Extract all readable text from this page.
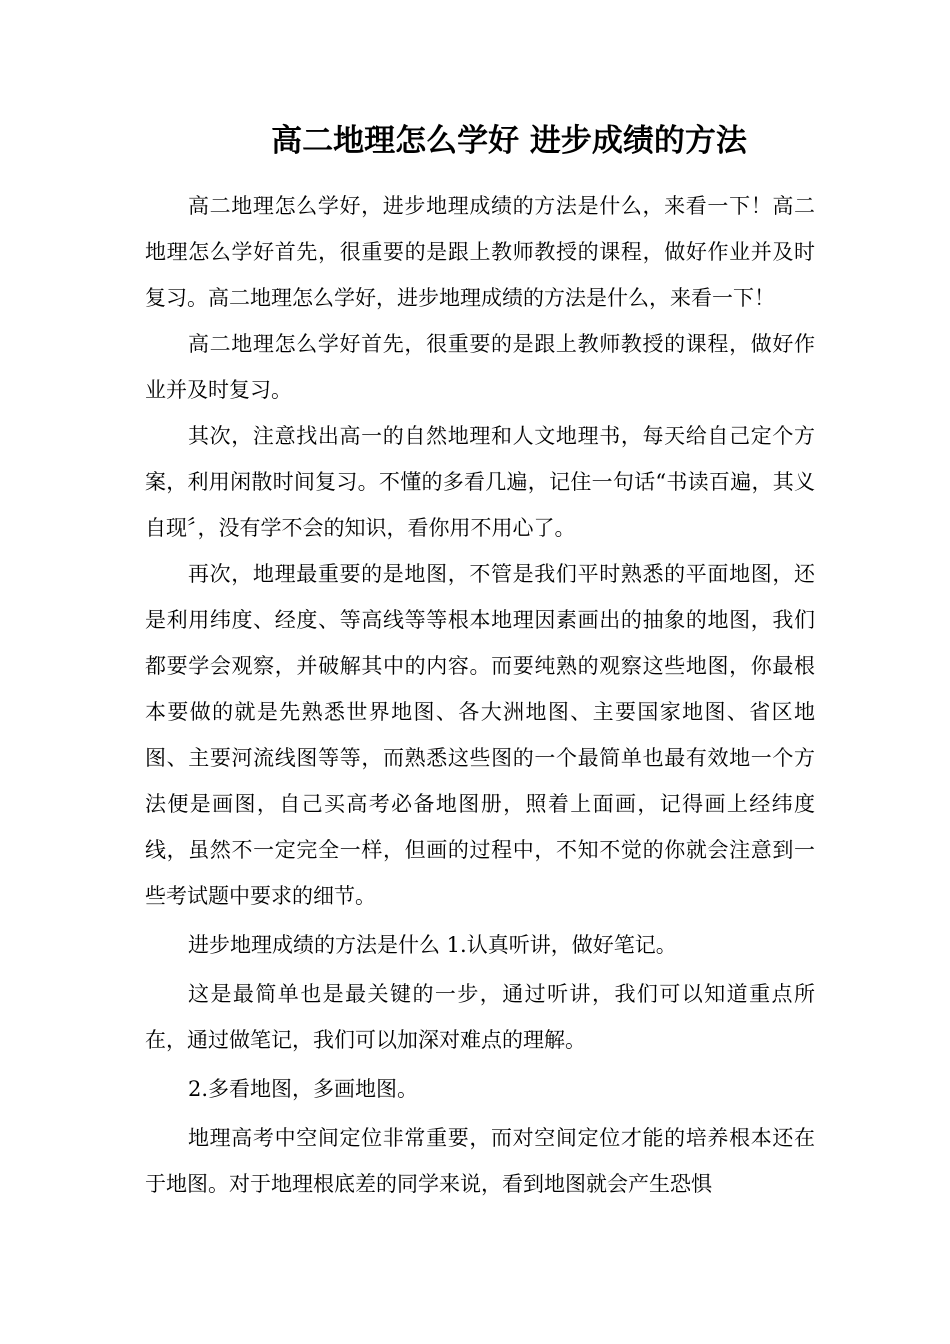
高二地理怎么学好 进步成绩的方法

高二地理怎么学好，进步地理成绩的方法是什么，来看一下！高二地理怎么学好首先，很重要的是跟上教师教授的课程，做好作业并及时复习。高二地理怎么学好，进步地理成绩的方法是什么，来看一下！

高二地理怎么学好首先，很重要的是跟上教师教授的课程，做好作业并及时复习。

其次，注意找出高一的自然地理和人文地理书，每天给自己定个方案，利用闲散时间复习。不懂的多看几遍，记住一句话“书读百遍，其义自现〞，没有学不会的知识，看你用不用心了。

再次，地理最重要的是地图，不管是我们平时熟悉的平面地图，还是利用纬度、经度、等高线等等根本地理因素画出的抽象的地图，我们都要学会观察，并破解其中的内容。而要纯熟的观察这些地图，你最根本要做的就是先熟悉世界地图、各大洲地图、主要国家地图、省区地图、主要河流线图等等，而熟悉这些图的一个最简单也最有效地一个方法便是画图，自己买高考必备地图册，照着上面画，记得画上经纬度线，虽然不一定完全一样，但画的过程中，不知不觉的你就会注意到一些考试题中要求的细节。

进步地理成绩的方法是什么 1.认真听讲，做好笔记。

这是最简单也是最关键的一步，通过听讲，我们可以知道重点所在，通过做笔记，我们可以加深对难点的理解。

2.多看地图，多画地图。

地理高考中空间定位非常重要，而对空间定位才能的培养根本还在于地图。对于地理根底差的同学来说，看到地图就会产生恐惧
